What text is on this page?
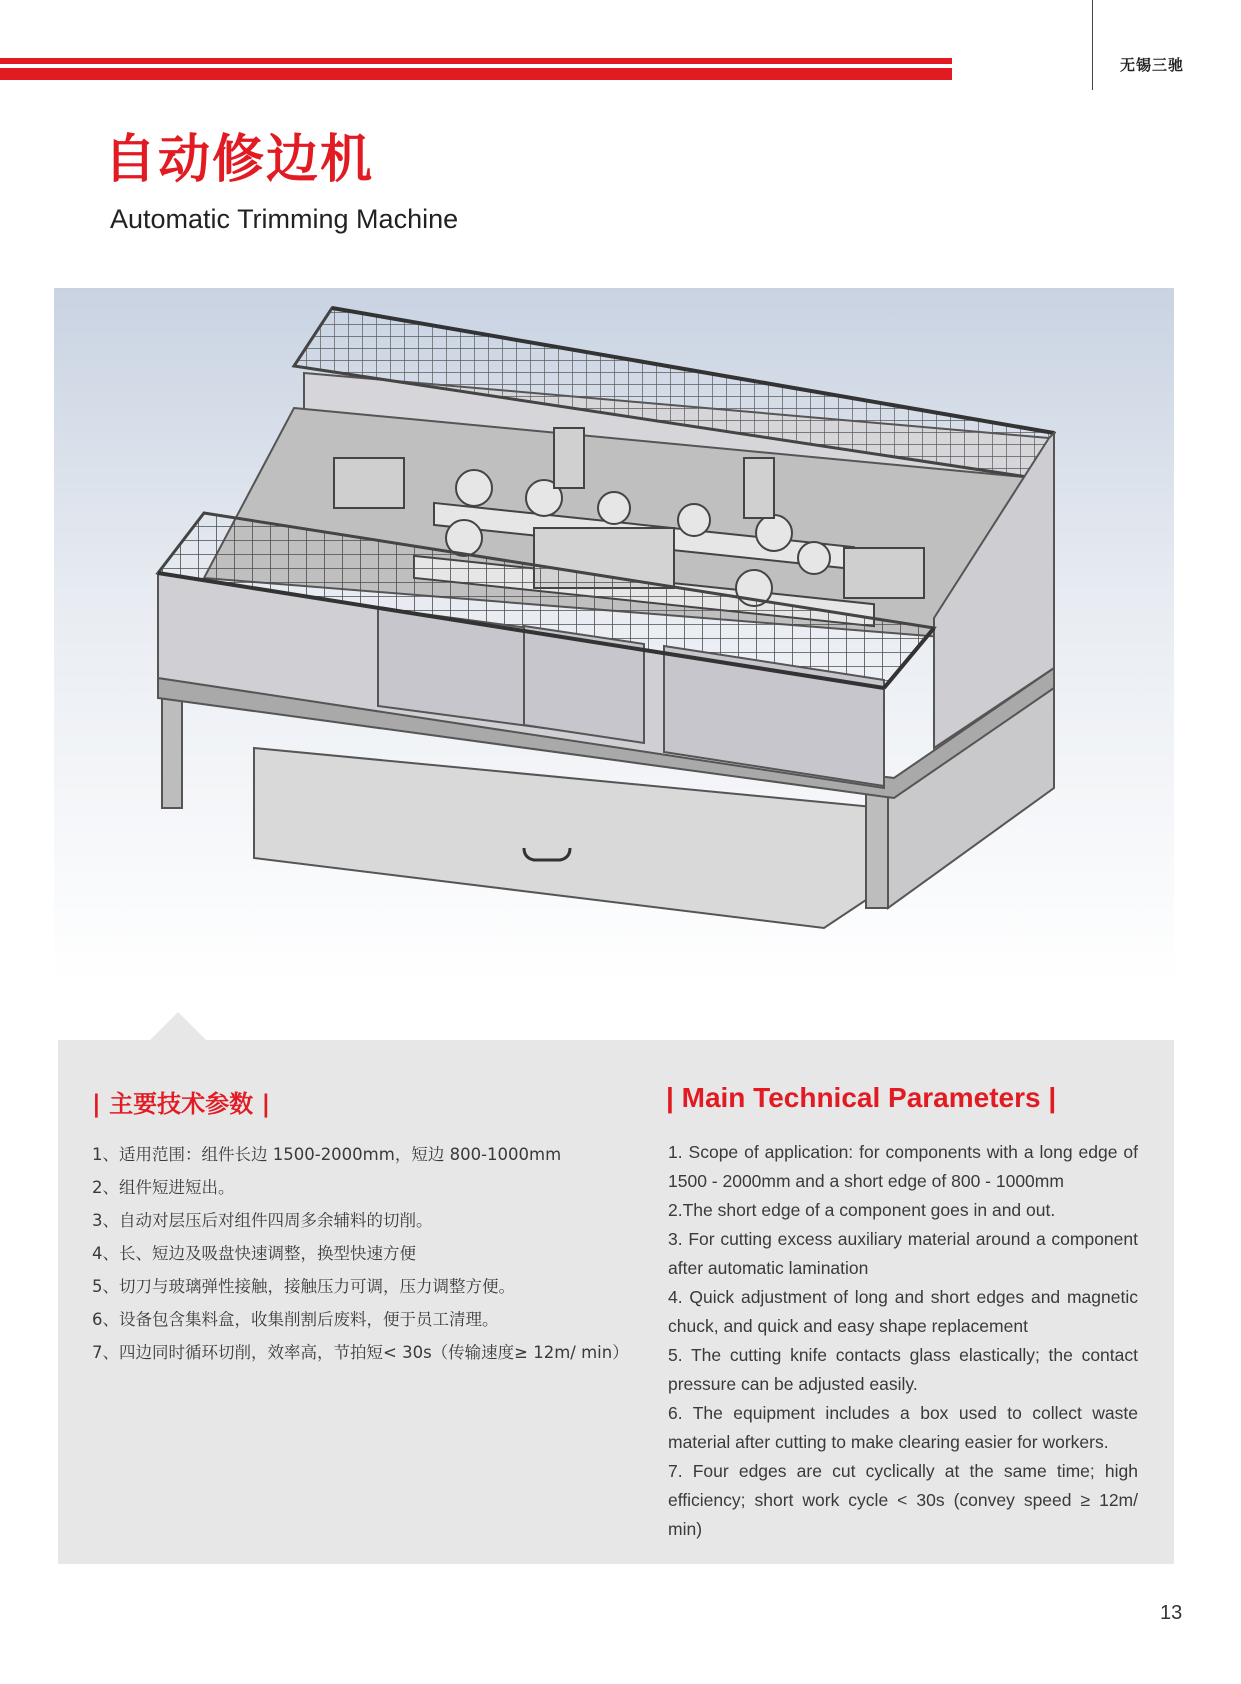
无锡三驰
自动修边机
Automatic Trimming Machine
| 主要技术参数 |	| Main Technical Parameters |
1、适用范围：组件长边 1500-2000mm，短边 800-1000mm
2、组件短进短出。
3、自动对层压后对组件四周多余辅料的切削。
4、长、短边及吸盘快速调整，换型快速方便
5、切刀与玻璃弹性接触，接触压力可调，压力调整方便。
6、设备包含集料盒，收集削割后废料，便于员工清理。
7、四边同时循环切削，效率高，节拍短< 30s（传输速度≥ 12m/ min）
1. Scope of application: for components with a long edge of 1500 - 2000mm and a short edge of 800 - 1000mm
2.The short edge of a component goes in and out.
3. For cutting excess auxiliary material around a component after automatic lamination
4. Quick adjustment of long and short edges and magnetic chuck, and quick and easy shape replacement
5. The cutting knife contacts glass elastically; the contact pressure can be adjusted easily.
6. The equipment includes a box used to collect waste material after cutting to make clearing easier for workers.
7. Four edges are cut cyclically at the same time; high efficiency; short work cycle < 30s (convey speed ≥ 12m/ min)
13
